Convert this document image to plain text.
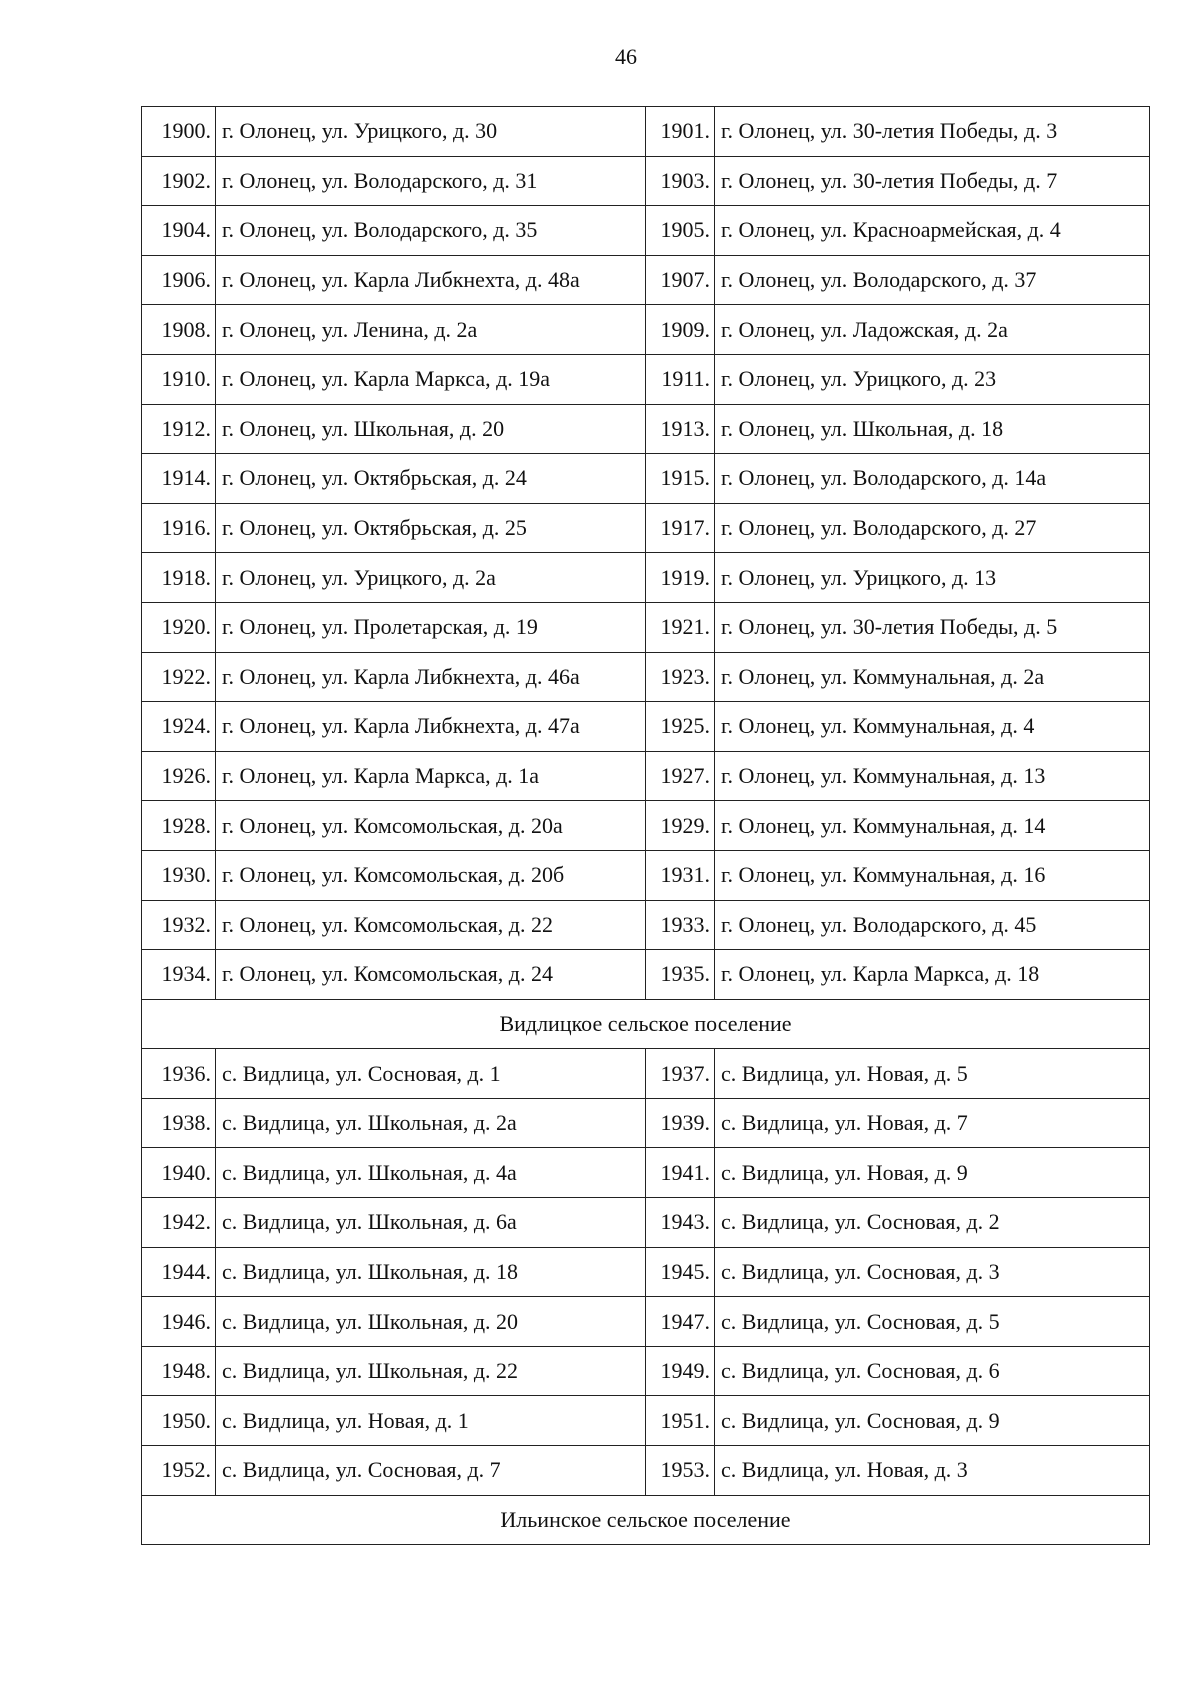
46
1900.	г. Олонец, ул. Урицкого, д. 30	1901.	г. Олонец, ул. 30-летия Победы, д. 3
1902.	г. Олонец, ул. Володарского, д. 31	1903.	г. Олонец, ул. 30-летия Победы, д. 7
1904.	г. Олонец, ул. Володарского, д. 35	1905.	г. Олонец, ул. Красноармейская, д. 4
1906.	г. Олонец, ул. Карла Либкнехта, д. 48а	1907.	г. Олонец, ул. Володарского, д. 37
1908.	г. Олонец, ул. Ленина, д. 2а	1909.	г. Олонец, ул. Ладожская, д. 2а
1910.	г. Олонец, ул. Карла Маркса, д. 19а	1911.	г. Олонец, ул. Урицкого, д. 23
1912.	г. Олонец, ул. Школьная, д. 20	1913.	г. Олонец, ул. Школьная, д. 18
1914.	г. Олонец, ул. Октябрьская, д. 24	1915.	г. Олонец, ул. Володарского, д. 14а
1916.	г. Олонец, ул. Октябрьская, д. 25	1917.	г. Олонец, ул. Володарского, д. 27
1918.	г. Олонец, ул. Урицкого, д. 2а	1919.	г. Олонец, ул. Урицкого, д. 13
1920.	г. Олонец, ул. Пролетарская, д. 19	1921.	г. Олонец, ул. 30-летия Победы, д. 5
1922.	г. Олонец, ул. Карла Либкнехта, д. 46а	1923.	г. Олонец, ул. Коммунальная, д. 2а
1924.	г. Олонец, ул. Карла Либкнехта, д. 47а	1925.	г. Олонец, ул. Коммунальная, д. 4
1926.	г. Олонец, ул. Карла Маркса, д. 1а	1927.	г. Олонец, ул. Коммунальная, д. 13
1928.	г. Олонец, ул. Комсомольская, д. 20а	1929.	г. Олонец, ул. Коммунальная, д. 14
1930.	г. Олонец, ул. Комсомольская, д. 20б	1931.	г. Олонец, ул. Коммунальная, д. 16
1932.	г. Олонец, ул. Комсомольская, д. 22	1933.	г. Олонец, ул. Володарского, д. 45
1934.	г. Олонец, ул. Комсомольская, д. 24	1935.	г. Олонец, ул. Карла Маркса, д. 18
Видлицкое сельское поселение			
1936.	с. Видлица, ул. Сосновая, д. 1	1937.	с. Видлица, ул. Новая, д. 5
1938.	с. Видлица, ул. Школьная, д. 2а	1939.	с. Видлица, ул. Новая, д. 7
1940.	с. Видлица, ул. Школьная, д. 4а	1941.	с. Видлица, ул. Новая, д. 9
1942.	с. Видлица, ул. Школьная, д. 6а	1943.	с. Видлица, ул. Сосновая, д. 2
1944.	с. Видлица, ул. Школьная, д. 18	1945.	с. Видлица, ул. Сосновая, д. 3
1946.	с. Видлица, ул. Школьная, д. 20	1947.	с. Видлица, ул. Сосновая, д. 5
1948.	с. Видлица, ул. Школьная, д. 22	1949.	с. Видлица, ул. Сосновая, д. 6
1950.	с. Видлица, ул. Новая, д. 1	1951.	с. Видлица, ул. Сосновая, д. 9
1952.	с. Видлица, ул. Сосновая, д. 7	1953.	с. Видлица, ул. Новая, д. 3
Ильинское сельское поселение			
